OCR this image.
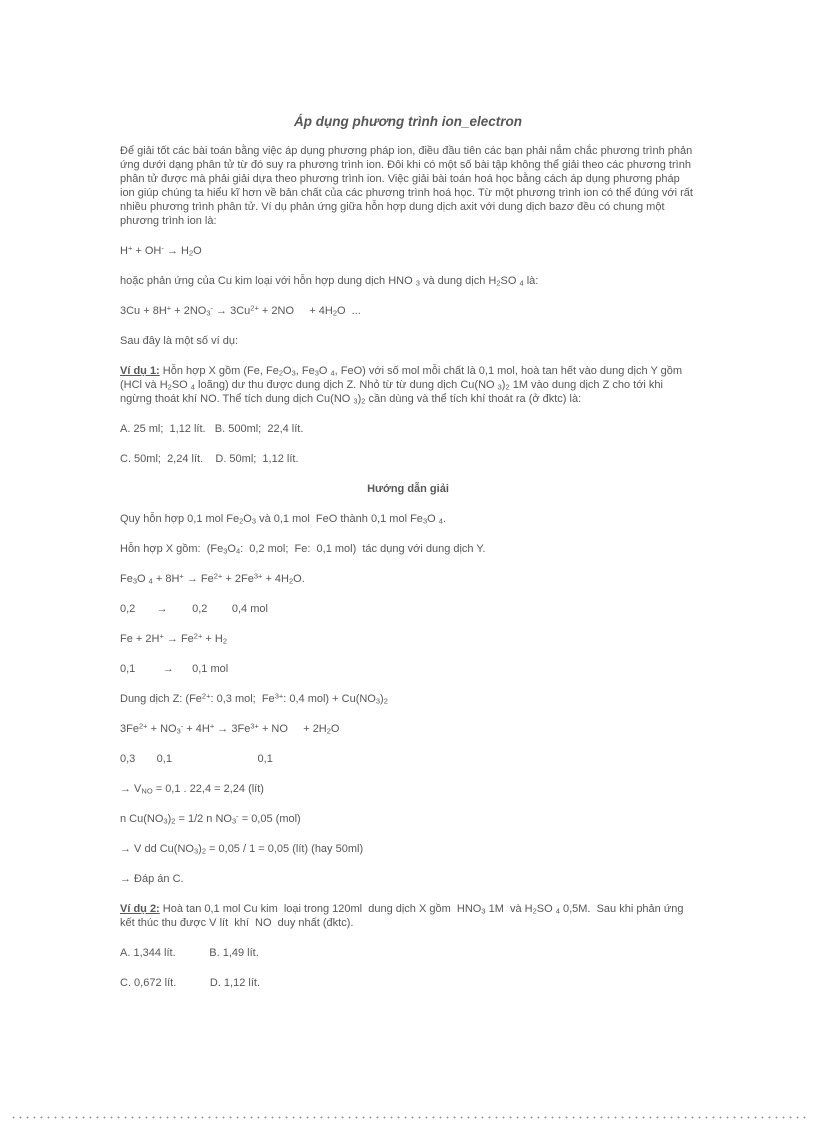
Áp dụng phương trình ion_electron

Để giải tốt các bài toán bằng việc áp dụng phương pháp ion, điều đầu tiên các bạn phải nắm chắc phương trình phản ứng dưới dạng phân tử từ đó suy ra phương trình ion. Đôi khi có một số bài tập không thể giải theo các phương trình phân tử được mà phải giải dựa theo phương trình ion. Việc giải bài toán hoá học bằng cách áp dụng phương pháp ion giúp chúng ta hiểu kĩ hơn về bản chất của các phương trình hoá học. Từ một phương trình ion có thể đúng với rất nhiều phương trình phân tử. Ví dụ phản ứng giữa hỗn hợp dung dịch axit với dung dịch bazơ đều có chung một phương trình ion là:

$H^+ + OH^- \to H_2O$

hoặc phản ứng của Cu kim loại với hỗn hợp dung dịch HNO $_3$ và dung dịch $H_2SO$ $_4$ là:

$3Cu + 8H^+ + 2NO_3^- \to 3Cu^{2+} + 2NO$     + $4H_2O$  ...

Sau đây là một số ví dụ:

Ví dụ 1: Hỗn hợp X gồm (Fe, $Fe_2O_3$, $Fe_3O$ $_4$, FeO) với số mol mỗi chất là 0,1 mol, hoà tan hết vào dung dịch Y gồm (HCl và $H_2SO$ $_4$ loãng) dư thu được dung dịch Z. Nhỏ từ từ dung dịch Cu(NO $_3)_2$ 1M vào dung dịch Z cho tới khi ngừng thoát khí NO. Thể tích dung dịch Cu(NO $_3)_2$ cần dùng và thể tích khí thoát ra (ở đktc) là:

A. 25 ml;  1,12 lít.   B. 500ml;  22,4 lít.

C. 50ml;  2,24 lít.    D. 50ml;  1,12 lít.

Hướng dẫn giải

Quy hỗn hợp 0,1 mol $Fe_2O_3$ và 0,1 mol  FeO thành 0,1 mol $Fe_3O$ $_4$.

Hỗn hợp X gồm:  ($Fe_3O_4$:  0,2 mol;  Fe:  0,1 mol)  tác dụng với dung dịch Y.

$Fe_3O$ $_4 + 8H^+ \to Fe^{2+} + 2Fe^{3+} + 4H_2O$.

0,2       →        0,2        0,4 mol

$Fe + 2H^+ \to Fe^{2+} + H_2$

0,1         →      0,1 mol

Dung dịch Z: ($Fe^{2+}$: 0,3 mol;  $Fe^{3+}$: 0,4 $mol) + Cu(NO_3)_2$

$3Fe^{2+} + NO_3^- + 4H^+ \to 3Fe^{3+}$ + NO     + $2H_2O$

0,3       0,1                            0,1

→ $V_{NO} = 0,1$ . 22,4 = 2,24 (lít)

n $Cu(NO_3)_2 = 1/2$ n $NO_3^- = 0,05$ (mol)

→ V dd $Cu(NO_3)_2 = 0,05 / 1 = 0,05$ (lít) (hay 50ml)

→ Đáp án C.

Ví dụ 2: Hoà tan 0,1 mol Cu kim  loại trong 120ml  dung dịch X gồm  $HNO_3$ 1M  và $H_2SO$ $_4$ 0,5M.  Sau khi phản ứng kết thúc thu được V lít  khí  NO  duy nhất (đktc).

A. 1,344 lít.           B. 1,49 lít.

C. 0,672 lít.           D. 1,12 lít.
